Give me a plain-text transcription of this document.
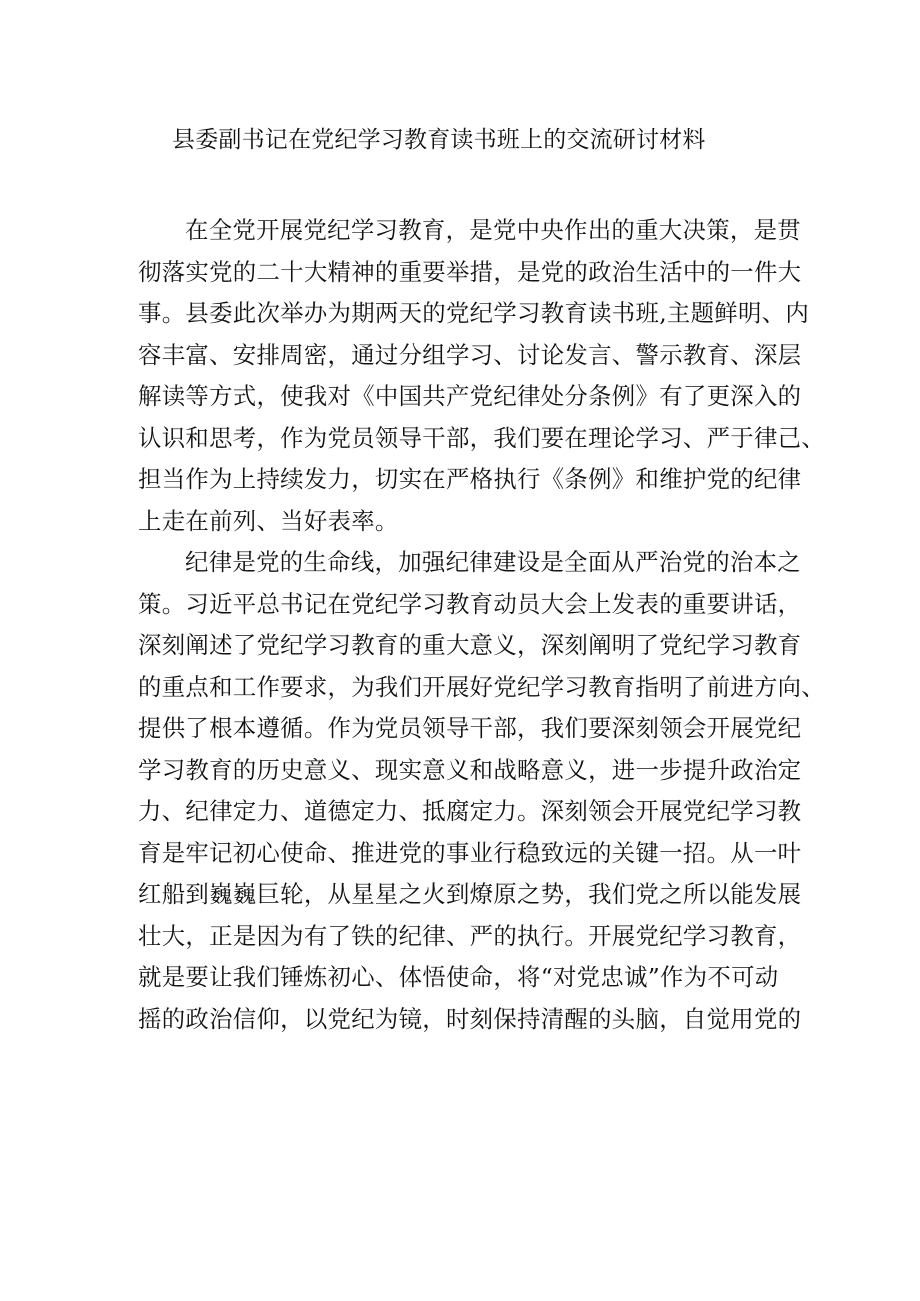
县委副书记在党纪学习教育读书班上的交流研讨材料

在全党开展党纪学习教育，是党中央作出的重大决策，是贯
彻落实党的二十大精神的重要举措，是党的政治生活中的一件大
事。县委此次举办为期两天的党纪学习教育读书班,主题鲜明、内
容丰富、安排周密，通过分组学习、讨论发言、警示教育、深层
解读等方式，使我对《中国共产党纪律处分条例》有了更深入的
认识和思考，作为党员领导干部，我们要在理论学习、严于律己、
担当作为上持续发力，切实在严格执行《条例》和维护党的纪律
上走在前列、当好表率。

纪律是党的生命线，加强纪律建设是全面从严治党的治本之
策。习近平总书记在党纪学习教育动员大会上发表的重要讲话，
深刻阐述了党纪学习教育的重大意义，深刻阐明了党纪学习教育
的重点和工作要求，为我们开展好党纪学习教育指明了前进方向、
提供了根本遵循。作为党员领导干部，我们要深刻领会开展党纪
学习教育的历史意义、现实意义和战略意义，进一步提升政治定
力、纪律定力、道德定力、抵腐定力。深刻领会开展党纪学习教
育是牢记初心使命、推进党的事业行稳致远的关键一招。从一叶
红船到巍巍巨轮，从星星之火到燎原之势，我们党之所以能发展
壮大，正是因为有了铁的纪律、严的执行。开展党纪学习教育，
就是要让我们锤炼初心、体悟使命，将“对党忠诚”作为不可动
摇的政治信仰，以党纪为镜，时刻保持清醒的头脑，自觉用党的
